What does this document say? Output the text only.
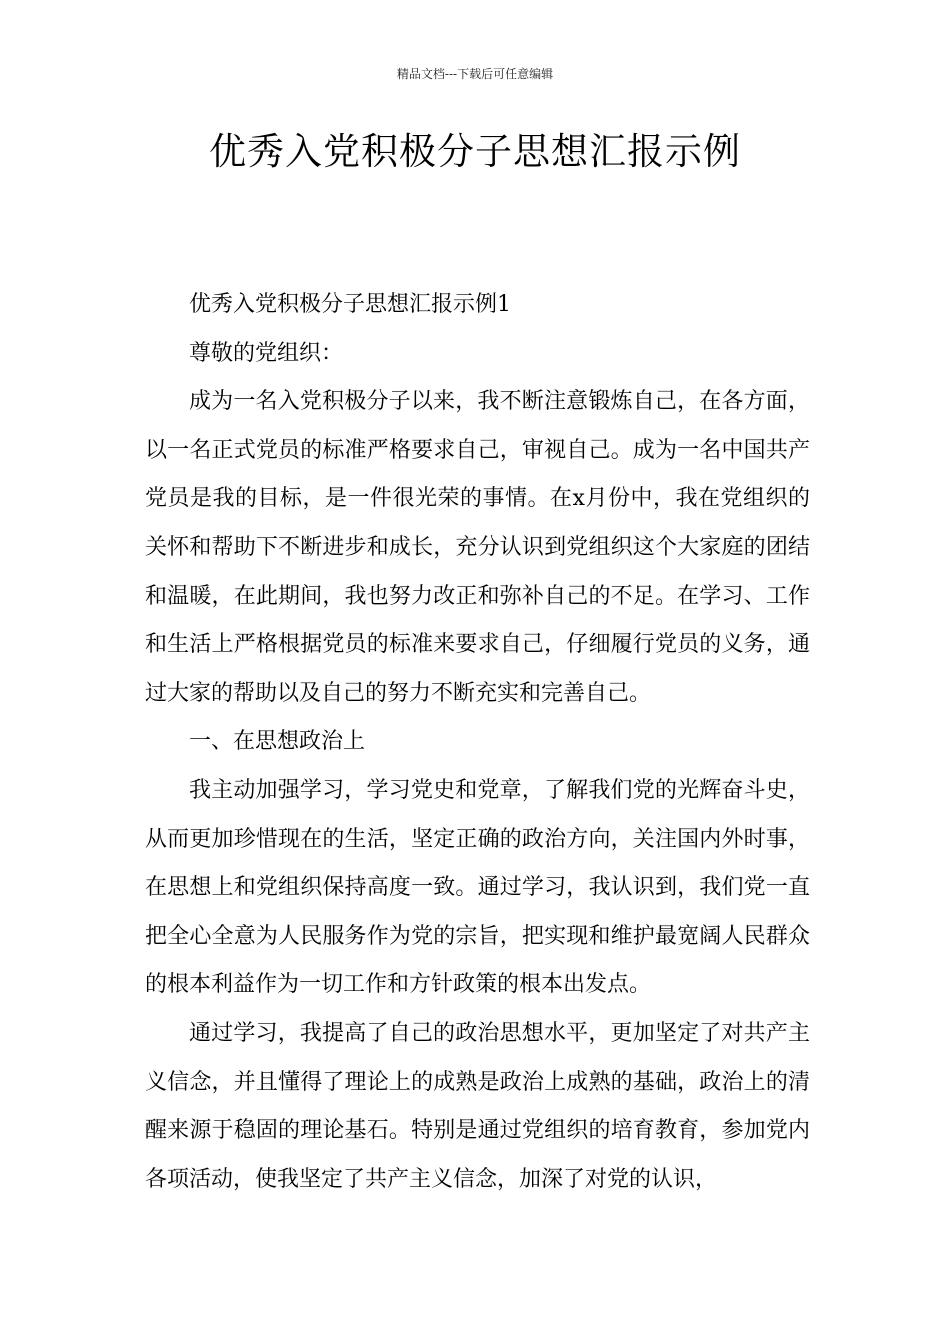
精品文档---下载后可任意编辑
优秀入党积极分子思想汇报示例

优秀入党积极分子思想汇报示例1

尊敬的党组织：

成为一名入党积极分子以来，我不断注意锻炼自己，在各方面，以一名正式党员的标准严格要求自己，审视自己。成为一名中国共产党员是我的目标，是一件很光荣的事情。在x月份中，我在党组织的关怀和帮助下不断进步和成长，充分认识到党组织这个大家庭的团结和温暖，在此期间，我也努力改正和弥补自己的不足。在学习、工作和生活上严格根据党员的标准来要求自己，仔细履行党员的义务，通过大家的帮助以及自己的努力不断充实和完善自己。

一、在思想政治上

我主动加强学习，学习党史和党章，了解我们党的光辉奋斗史，从而更加珍惜现在的生活，坚定正确的政治方向，关注国内外时事，在思想上和党组织保持高度一致。通过学习，我认识到，我们党一直把全心全意为人民服务作为党的宗旨，把实现和维护最宽阔人民群众的根本利益作为一切工作和方针政策的根本出发点。

通过学习，我提高了自己的政治思想水平，更加坚定了对共产主义信念，并且懂得了理论上的成熟是政治上成熟的基础，政治上的清醒来源于稳固的理论基石。特别是通过党组织的培育教育，参加党内各项活动，使我坚定了共产主义信念，加深了对党的认识，
